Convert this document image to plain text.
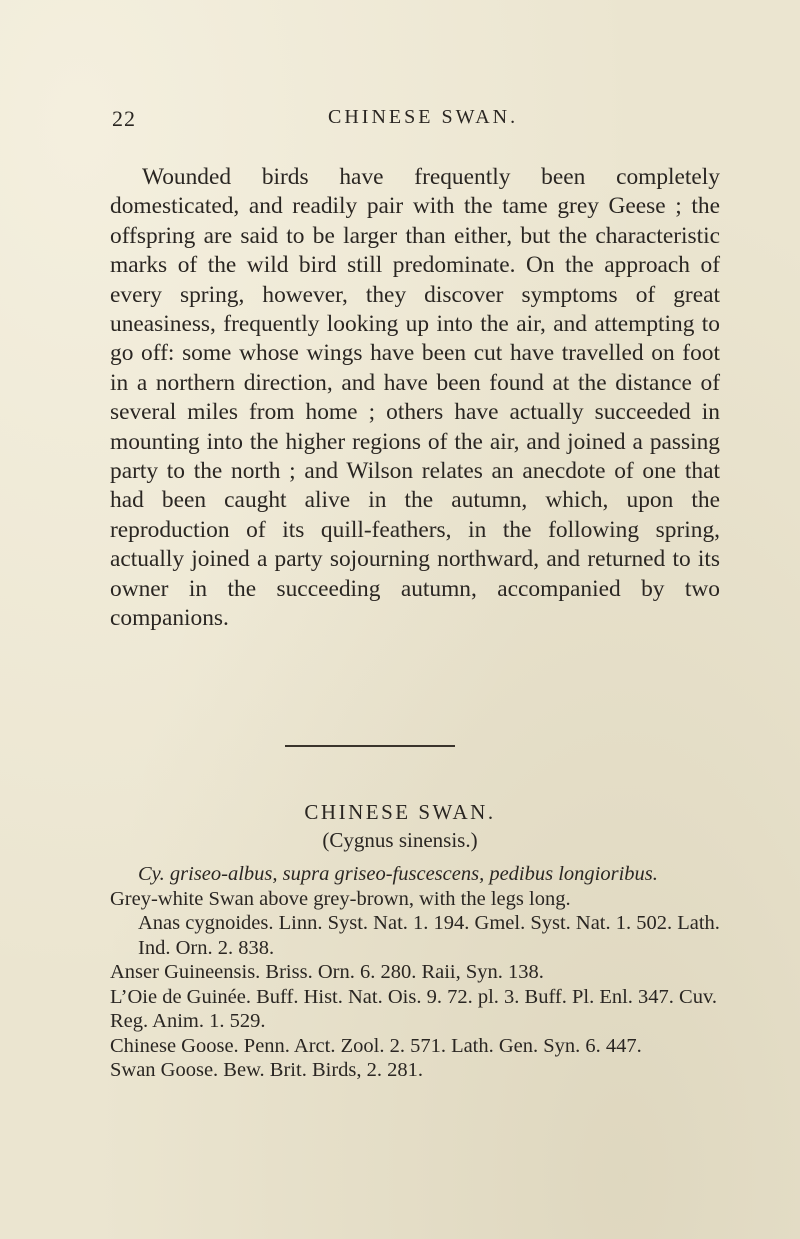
22	CHINESE SWAN.

Wounded birds have frequently been completely domesticated, and readily pair with the tame grey Geese ; the offspring are said to be larger than either, but the characteristic marks of the wild bird still predominate. On the approach of every spring, however, they discover symptoms of great uneasiness, frequently looking up into the air, and attempting to go off: some whose wings have been cut have travelled on foot in a northern direction, and have been found at the distance of several miles from home ; others have actually succeeded in mounting into the higher regions of the air, and joined a passing party to the north ; and Wilson relates an anecdote of one that had been caught alive in the autumn, which, upon the reproduction of its quill-feathers, in the following spring, actually joined a party sojourning northward, and returned to its owner in the succeeding autumn, accompanied by two companions.

CHINESE SWAN.
(Cygnus sinensis.)
Cy. griseo-albus, supra griseo-fuscescens, pedibus longioribus.
Grey-white Swan above grey-brown, with the legs long.
Anas cygnoides. Linn. Syst. Nat. 1. 194. Gmel. Syst. Nat. 1. 502. Lath. Ind. Orn. 2. 838.
Anser Guineensis. Briss. Orn. 6. 280. Raii, Syn. 138.
L’Oie de Guinée. Buff. Hist. Nat. Ois. 9. 72. pl. 3. Buff. Pl. Enl. 347. Cuv. Reg. Anim. 1. 529.
Chinese Goose. Penn. Arct. Zool. 2. 571. Lath. Gen. Syn. 6. 447.
Swan Goose. Bew. Brit. Birds, 2. 281.
